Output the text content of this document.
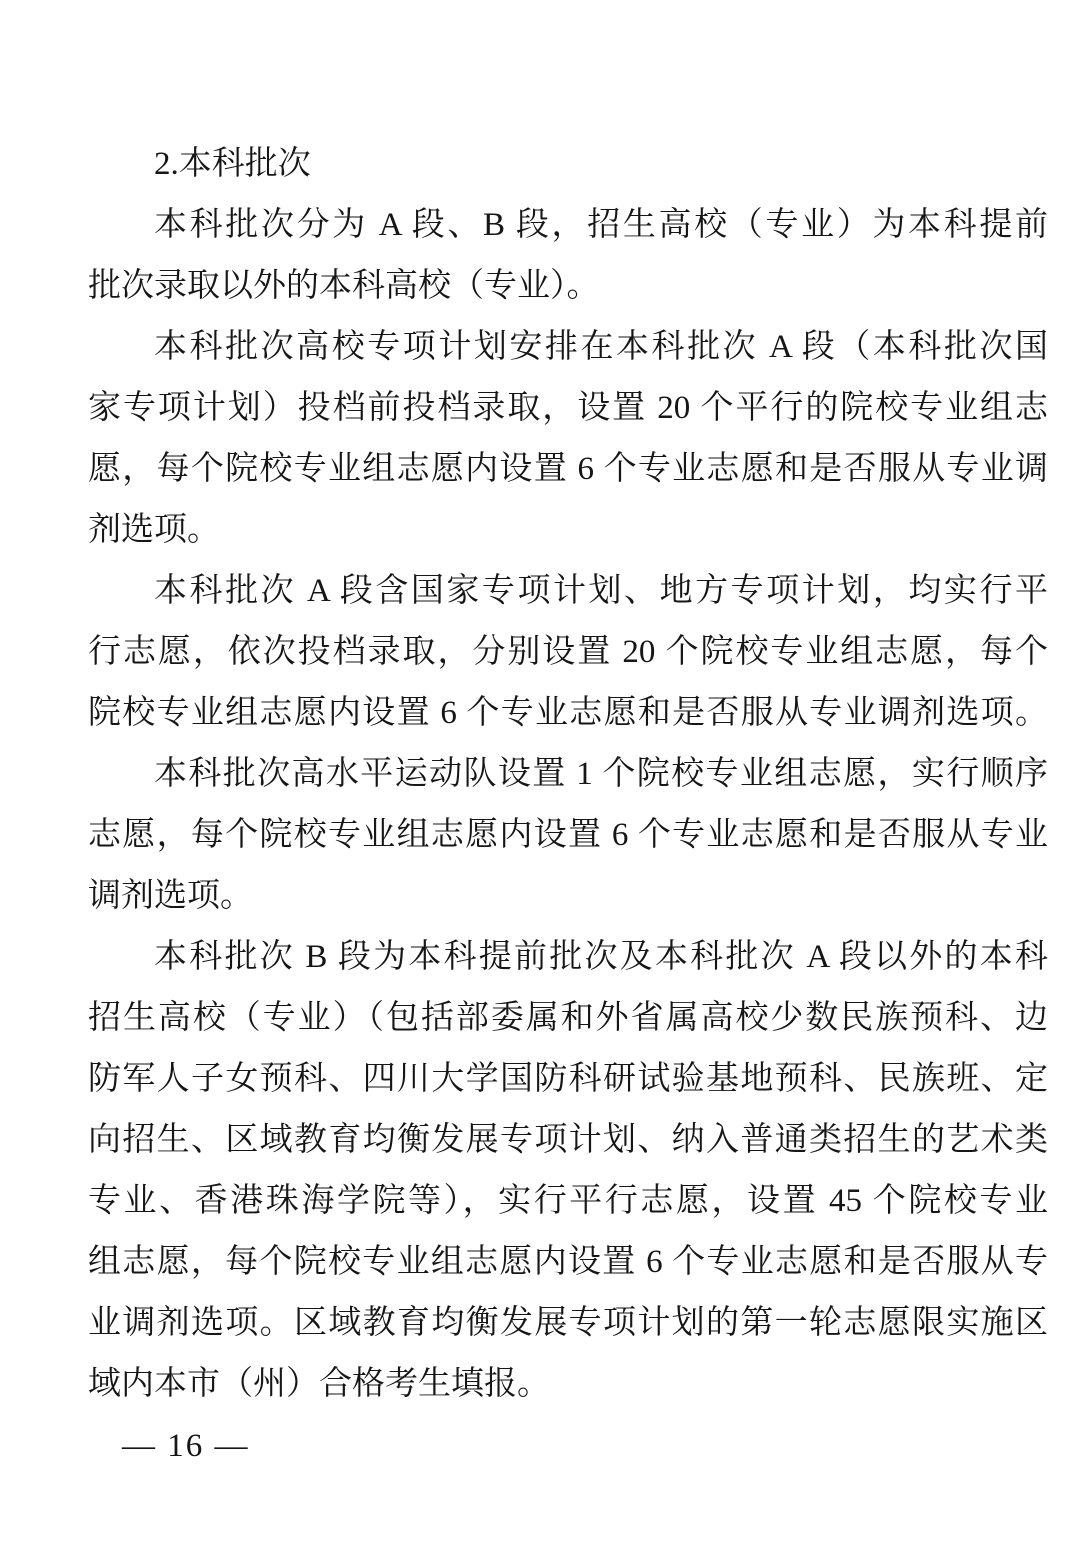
2.本科批次
本科批次分为 A 段、B 段，招生高校（专业）为本科提前
批次录取以外的本科高校（专业）。
本科批次高校专项计划安排在本科批次 A 段（本科批次国
家专项计划）投档前投档录取，设置 20 个平行的院校专业组志
愿，每个院校专业组志愿内设置 6 个专业志愿和是否服从专业调
剂选项。
本科批次 A 段含国家专项计划、地方专项计划，均实行平
行志愿，依次投档录取，分别设置 20 个院校专业组志愿，每个
院校专业组志愿内设置 6 个专业志愿和是否服从专业调剂选项。
本科批次高水平运动队设置 1 个院校专业组志愿，实行顺序
志愿，每个院校专业组志愿内设置 6 个专业志愿和是否服从专业
调剂选项。
本科批次 B 段为本科提前批次及本科批次 A 段以外的本科
招生高校（专业）（包括部委属和外省属高校少数民族预科、边
防军人子女预科、四川大学国防科研试验基地预科、民族班、定
向招生、区域教育均衡发展专项计划、纳入普通类招生的艺术类
专业、香港珠海学院等），实行平行志愿，设置 45 个院校专业
组志愿，每个院校专业组志愿内设置 6 个专业志愿和是否服从专
业调剂选项。区域教育均衡发展专项计划的第一轮志愿限实施区
域内本市（州）合格考生填报。
— 16 —
